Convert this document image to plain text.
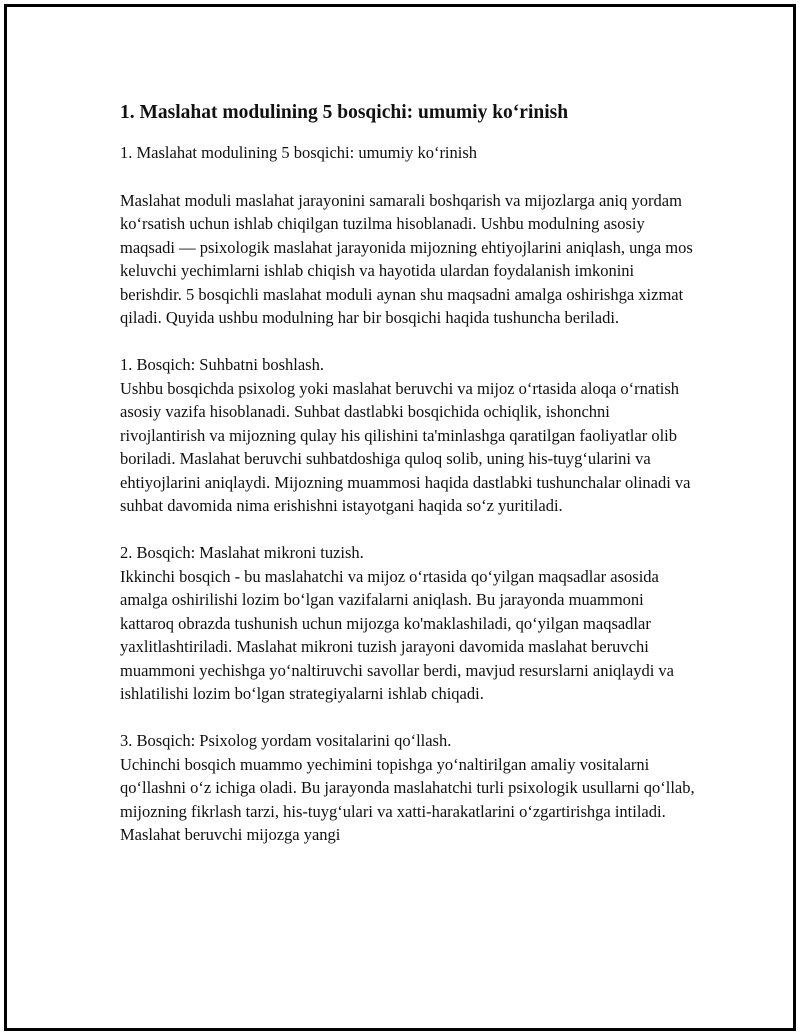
1. Maslahat modulining 5 bosqichi: umumiy ko‘rinish

1. Maslahat modulining 5 bosqichi: umumiy ko‘rinish

Maslahat moduli maslahat jarayonini samarali boshqarish va mijozlarga aniq yordam ko‘rsatish uchun ishlab chiqilgan tuzilma hisoblanadi. Ushbu modulning asosiy maqsadi — psixologik maslahat jarayonida mijozning ehtiyojlarini aniqlash, unga mos keluvchi yechimlarni ishlab chiqish va hayotida ulardan foydalanish imkonini berishdir. 5 bosqichli maslahat moduli aynan shu maqsadni amalga oshirishga xizmat qiladi. Quyida ushbu modulning har bir bosqichi haqida tushuncha beriladi.

1. Bosqich: Suhbatni boshlash.
Ushbu bosqichda psixolog yoki maslahat beruvchi va mijoz o‘rtasida aloqa o‘rnatish asosiy vazifa hisoblanadi. Suhbat dastlabki bosqichida ochiqlik, ishonchni rivojlantirish va mijozning qulay his qilishini ta'minlashga qaratilgan faoliyatlar olib boriladi. Maslahat beruvchi suhbatdoshiga quloq solib, uning his-tuyg‘ularini va ehtiyojlarini aniqlaydi. Mijozning muammosi haqida dastlabki tushunchalar olinadi va suhbat davomida nima erishishni istayotgani haqida so‘z yuritiladi.
2. Bosqich: Maslahat mikroni tuzish.
Ikkinchi bosqich - bu maslahatchi va mijoz o‘rtasida qo‘yilgan maqsadlar asosida amalga oshirilishi lozim bo‘lgan vazifalarni aniqlash. Bu jarayonda muammoni kattaroq obrazda tushunish uchun mijozga ko'maklashiladi, qo‘yilgan maqsadlar yaxlitlashtiriladi. Maslahat mikroni tuzish jarayoni davomida maslahat beruvchi muammoni yechishga yo‘naltiruvchi savollar berdi, mavjud resurslarni aniqlaydi va ishlatilishi lozim bo‘lgan strategiyalarni ishlab chiqadi.
3. Bosqich: Psixolog yordam vositalarini qo‘llash.
Uchinchi bosqich muammo yechimini topishga yo‘naltirilgan amaliy vositalarni qo‘llashni o‘z ichiga oladi. Bu jarayonda maslahatchi turli psixologik usullarni qo‘llab, mijozning fikrlash tarzi, his-tuyg‘ulari va xatti-harakatlarini o‘zgartirishga intiladi. Maslahat beruvchi mijozga yangi
